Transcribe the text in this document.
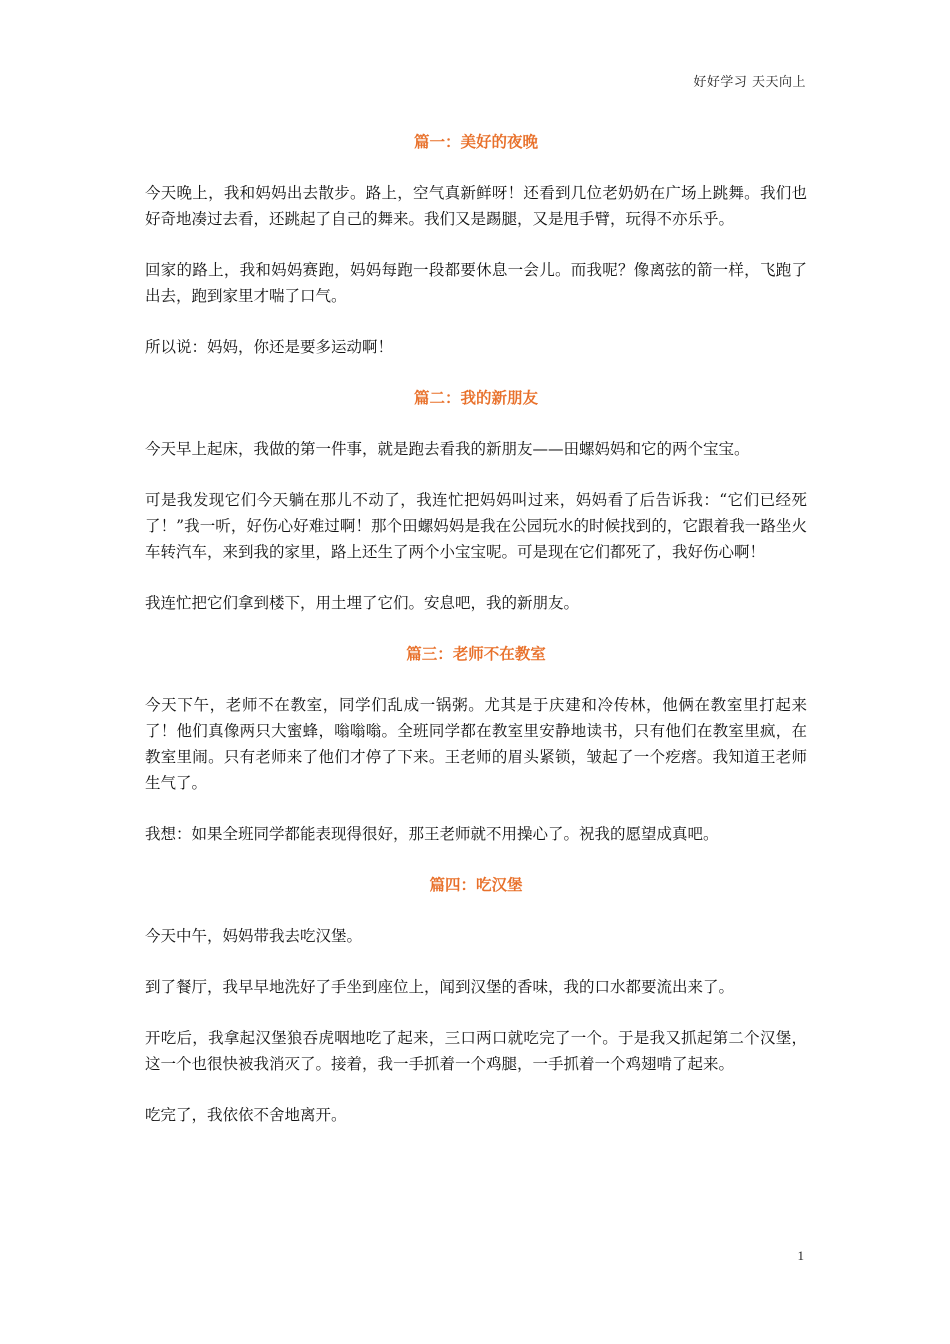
好好学习 天天向上
篇一：美好的夜晚

今天晚上，我和妈妈出去散步。路上，空气真新鲜呀！还看到几位老奶奶在广场上跳舞。我们也好奇地凑过去看，还跳起了自己的舞来。我们又是踢腿，又是甩手臂，玩得不亦乐乎。

回家的路上，我和妈妈赛跑，妈妈每跑一段都要休息一会儿。而我呢？像离弦的箭一样，飞跑了出去，跑到家里才喘了口气。

所以说：妈妈，你还是要多运动啊！

篇二：我的新朋友

今天早上起床，我做的第一件事，就是跑去看我的新朋友——田螺妈妈和它的两个宝宝。

可是我发现它们今天躺在那儿不动了，我连忙把妈妈叫过来，妈妈看了后告诉我：“它们已经死了！”我一听，好伤心好难过啊！那个田螺妈妈是我在公园玩水的时候找到的，它跟着我一路坐火车转汽车，来到我的家里，路上还生了两个小宝宝呢。可是现在它们都死了，我好伤心啊！

我连忙把它们拿到楼下，用土埋了它们。安息吧，我的新朋友。

篇三：老师不在教室

今天下午，老师不在教室，同学们乱成一锅粥。尤其是于庆建和冷传林，他俩在教室里打起来了！他们真像两只大蜜蜂，嗡嗡嗡。全班同学都在教室里安静地读书，只有他们在教室里疯，在教室里闹。只有老师来了他们才停了下来。王老师的眉头紧锁，皱起了一个疙瘩。我知道王老师生气了。

我想：如果全班同学都能表现得很好，那王老师就不用操心了。祝我的愿望成真吧。

篇四：吃汉堡

今天中午，妈妈带我去吃汉堡。

到了餐厅，我早早地洗好了手坐到座位上，闻到汉堡的香味，我的口水都要流出来了。

开吃后，我拿起汉堡狼吞虎咽地吃了起来，三口两口就吃完了一个。于是我又抓起第二个汉堡，这一个也很快被我消灭了。接着，我一手抓着一个鸡腿，一手抓着一个鸡翅啃了起来。

吃完了，我依依不舍地离开。

1
